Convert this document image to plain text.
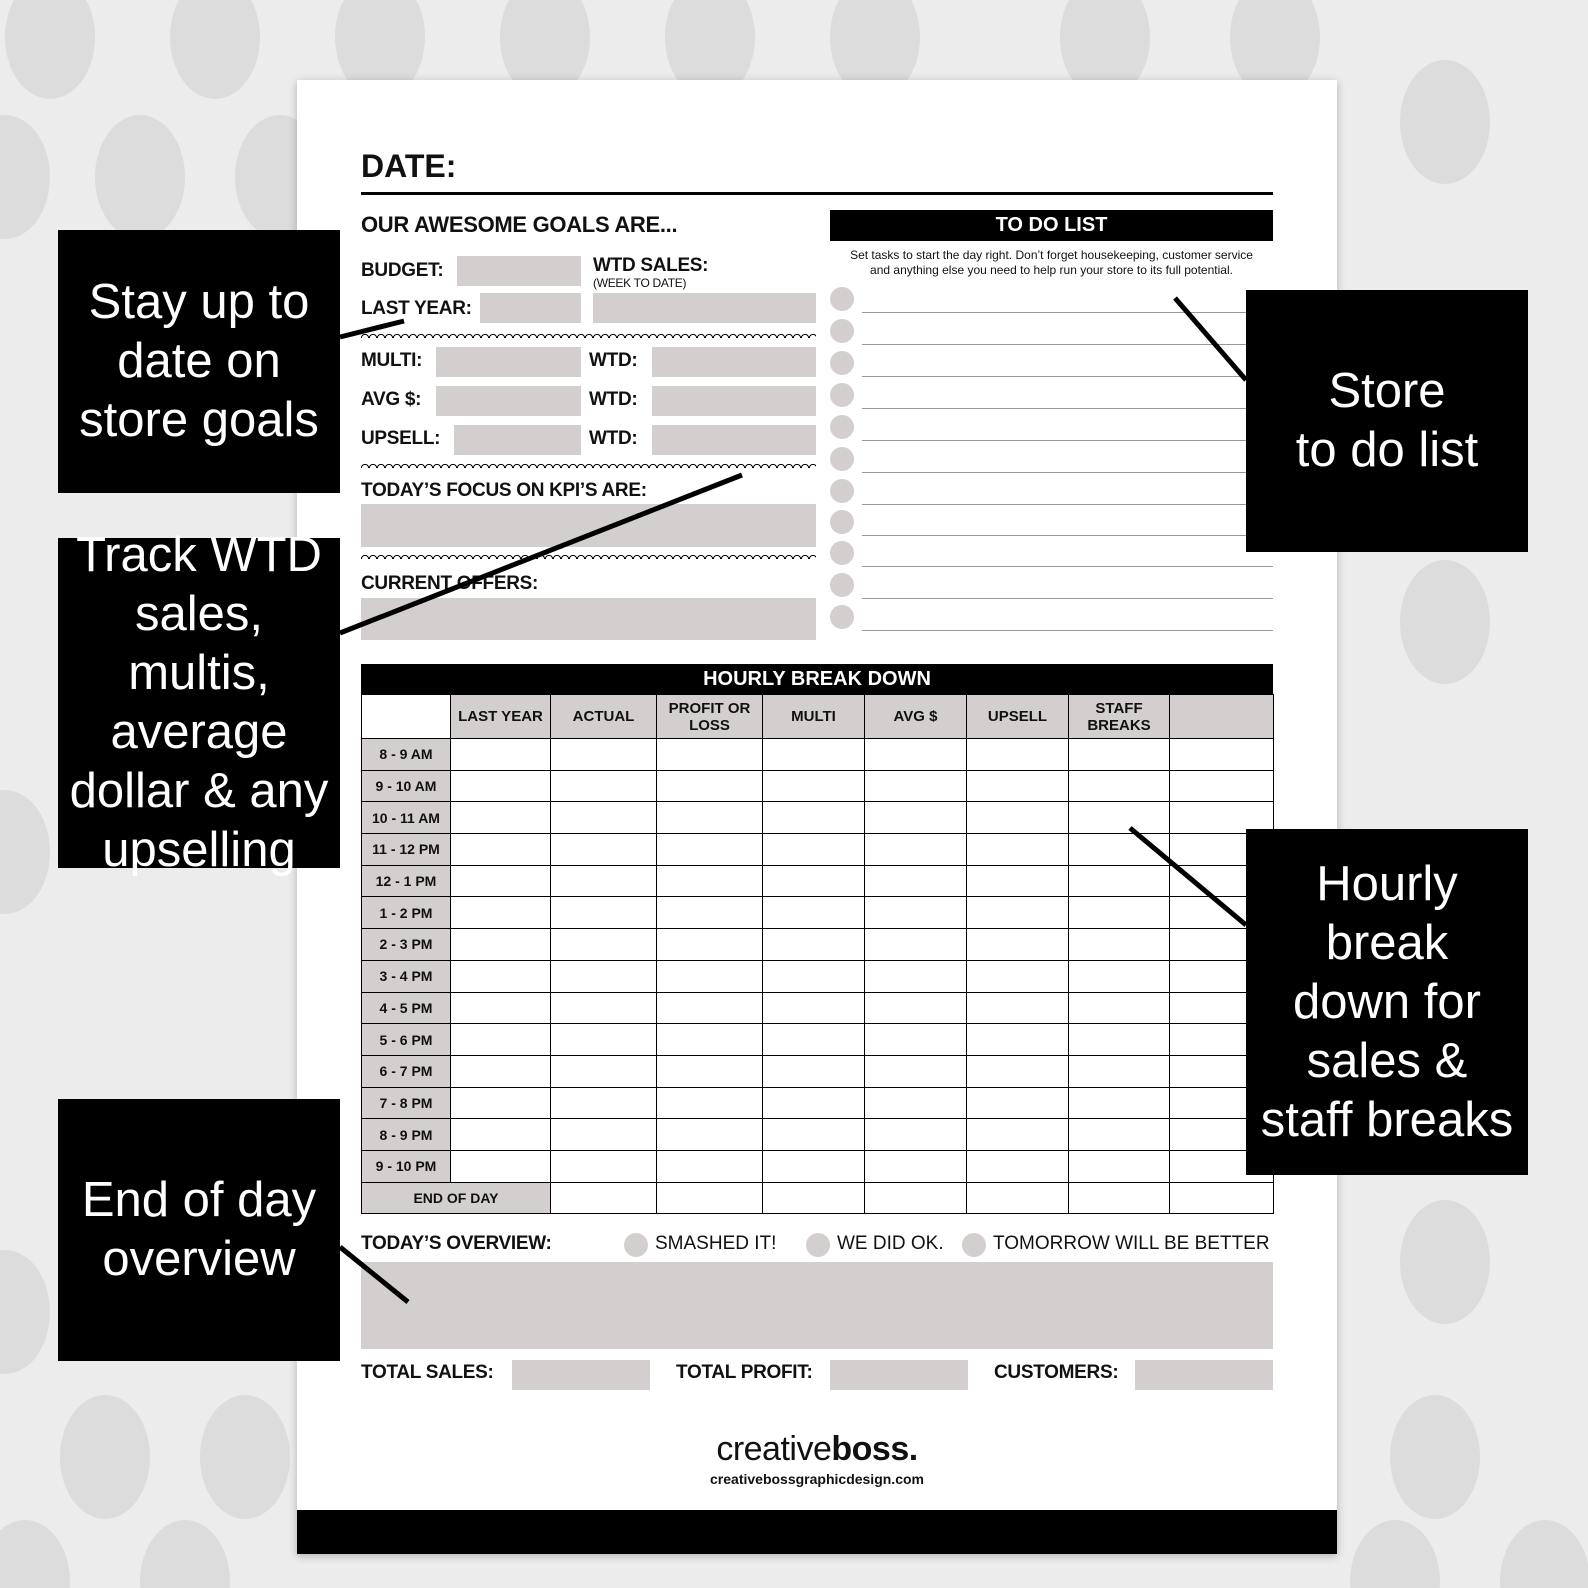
DATE:
OUR AWESOME GOALS ARE...
BUDGET:	WTD SALES:
(WEEK TO DATE)
LAST YEAR:
MULTI:	WTD:
AVG $:	WTD:
UPSELL:	WTD:
TODAY’S FOCUS ON KPI’S ARE:
CURRENT OFFERS:
TO DO LIST
Set tasks to start the day right. Don’t forget housekeeping, customer service
and anything else you need to help run your store to its full potential.
HOURLY BREAK DOWN
	LAST YEAR	ACTUAL	PROFIT OR LOSS	MULTI	AVG $	UPSELL	STAFF BREAKS	
8 - 9 AM								
9 - 10 AM								
10 - 11 AM								
11 - 12 PM								
12 - 1 PM								
1 - 2 PM								
2 - 3 PM								
3 - 4 PM								
4 - 5 PM								
5 - 6 PM								
6 - 7 PM								
7 - 8 PM								
8 - 9 PM								
9 - 10 PM								
END OF DAY								
TODAY’S OVERVIEW:	SMASHED IT!	WE DID OK.	TOMORROW WILL BE BETTER
TOTAL SALES:	TOTAL PROFIT:	CUSTOMERS:
creativeboss.
creativebossgraphicdesign.com
Stay up to
date on
store goals
Track WTD
sales, multis,
average
dollar & any
upselling
End of day
overview
Store
to do list
Hourly
break
down for
sales &
staff breaks
